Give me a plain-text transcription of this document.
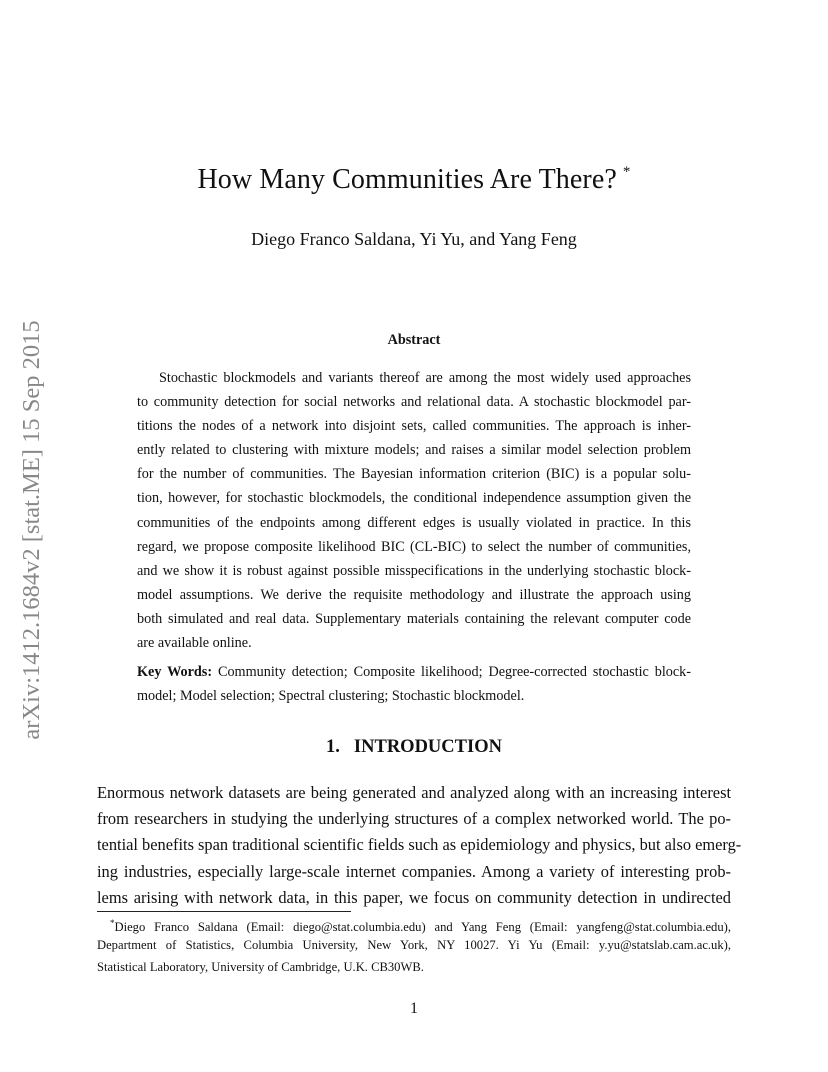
arXiv:1412.1684v2 [stat.ME] 15 Sep 2015
How Many Communities Are There? *
Diego Franco Saldana, Yi Yu, and Yang Feng
Abstract
Stochastic blockmodels and variants thereof are among the most widely used approaches
to community detection for social networks and relational data. A stochastic blockmodel par-
titions the nodes of a network into disjoint sets, called communities. The approach is inher-
ently related to clustering with mixture models; and raises a similar model selection problem
for the number of communities. The Bayesian information criterion (BIC) is a popular solu-
tion, however, for stochastic blockmodels, the conditional independence assumption given the
communities of the endpoints among different edges is usually violated in practice. In this
regard, we propose composite likelihood BIC (CL-BIC) to select the number of communities,
and we show it is robust against possible misspecifications in the underlying stochastic block-
model assumptions. We derive the requisite methodology and illustrate the approach using
both simulated and real data. Supplementary materials containing the relevant computer code
are available online.
Key Words: Community detection; Composite likelihood; Degree-corrected stochastic block-
model; Model selection; Spectral clustering; Stochastic blockmodel.
1. INTRODUCTION
Enormous network datasets are being generated and analyzed along with an increasing interest
from researchers in studying the underlying structures of a complex networked world. The po-
tential benefits span traditional scientific fields such as epidemiology and physics, but also emerg-
ing industries, especially large-scale internet companies. Among a variety of interesting prob-
lems arising with network data, in this paper, we focus on community detection in undirected
*Diego Franco Saldana (Email: diego@stat.columbia.edu) and Yang Feng (Email: yangfeng@stat.columbia.edu),
Department of Statistics, Columbia University, New York, NY 10027. Yi Yu (Email: y.yu@statslab.cam.ac.uk),
Statistical Laboratory, University of Cambridge, U.K. CB30WB.
1
